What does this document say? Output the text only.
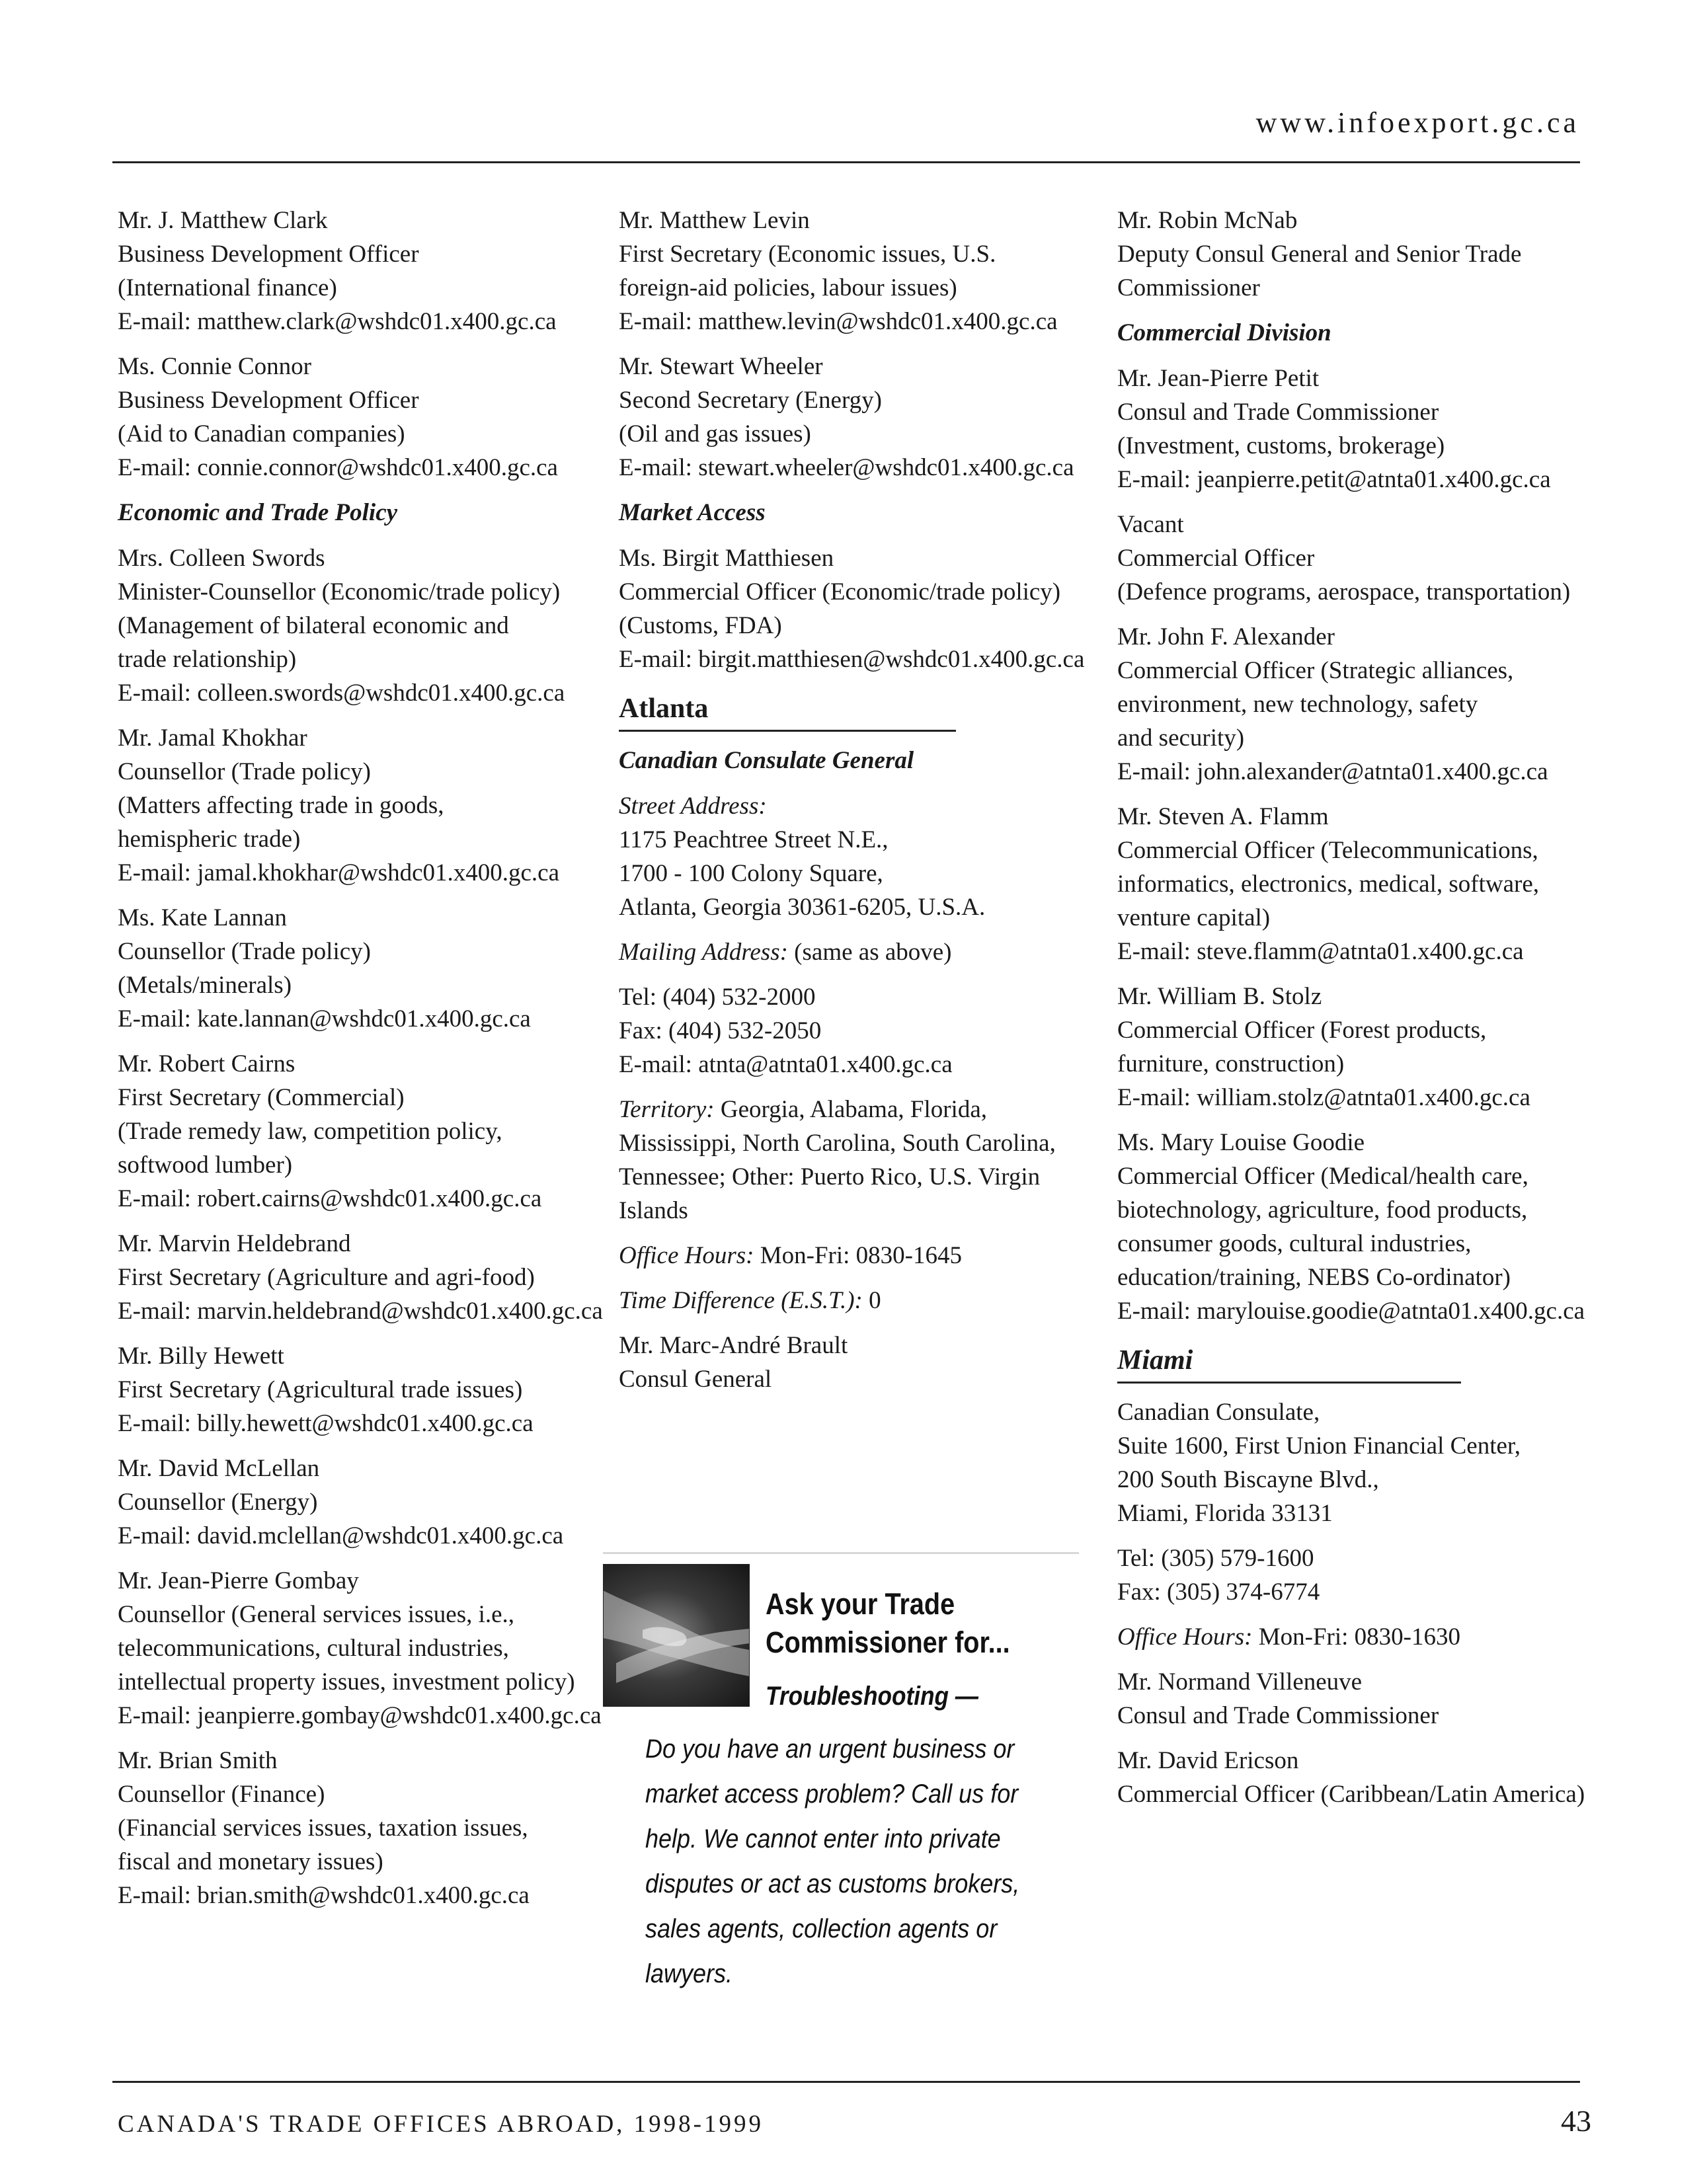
www.infoexport.gc.ca
Mr. J. Matthew Clark
Business Development Officer
(International finance)
E-mail: matthew.clark@wshdc01.x400.gc.ca
Ms. Connie Connor
Business Development Officer
(Aid to Canadian companies)
E-mail: connie.connor@wshdc01.x400.gc.ca
Economic and Trade Policy
Mrs. Colleen Swords
Minister-Counsellor (Economic/trade policy)
(Management of bilateral economic and
trade relationship)
E-mail: colleen.swords@wshdc01.x400.gc.ca
Mr. Jamal Khokhar
Counsellor (Trade policy)
(Matters affecting trade in goods,
hemispheric trade)
E-mail: jamal.khokhar@wshdc01.x400.gc.ca
Ms. Kate Lannan
Counsellor (Trade policy)
(Metals/minerals)
E-mail: kate.lannan@wshdc01.x400.gc.ca
Mr. Robert Cairns
First Secretary (Commercial)
(Trade remedy law, competition policy,
softwood lumber)
E-mail: robert.cairns@wshdc01.x400.gc.ca
Mr. Marvin Heldebrand
First Secretary (Agriculture and agri-food)
E-mail: marvin.heldebrand@wshdc01.x400.gc.ca
Mr. Billy Hewett
First Secretary (Agricultural trade issues)
E-mail: billy.hewett@wshdc01.x400.gc.ca
Mr. David McLellan
Counsellor (Energy)
E-mail: david.mclellan@wshdc01.x400.gc.ca
Mr. Jean-Pierre Gombay
Counsellor (General services issues, i.e.,
telecommunications, cultural industries,
intellectual property issues, investment policy)
E-mail: jeanpierre.gombay@wshdc01.x400.gc.ca
Mr. Brian Smith
Counsellor (Finance)
(Financial services issues, taxation issues,
fiscal and monetary issues)
E-mail: brian.smith@wshdc01.x400.gc.ca
Mr. Matthew Levin
First Secretary (Economic issues, U.S.
foreign-aid policies, labour issues)
E-mail: matthew.levin@wshdc01.x400.gc.ca
Mr. Stewart Wheeler
Second Secretary (Energy)
(Oil and gas issues)
E-mail: stewart.wheeler@wshdc01.x400.gc.ca
Market Access
Ms. Birgit Matthiesen
Commercial Officer (Economic/trade policy)
(Customs, FDA)
E-mail: birgit.matthiesen@wshdc01.x400.gc.ca
Atlanta
Canadian Consulate General
Street Address:
1175 Peachtree Street N.E.,
1700 - 100 Colony Square,
Atlanta, Georgia 30361-6205, U.S.A.
Mailing Address: (same as above)
Tel: (404) 532-2000
Fax: (404) 532-2050
E-mail: atnta@atnta01.x400.gc.ca
Territory: Georgia, Alabama, Florida,
Mississippi, North Carolina, South Carolina,
Tennessee; Other: Puerto Rico, U.S. Virgin
Islands
Office Hours: Mon-Fri: 0830-1645
Time Difference (E.S.T.): 0
Mr. Marc-André Brault
Consul General
Ask your Trade
Commissioner for...
Troubleshooting —
Do you have an urgent business or
market access problem? Call us for
help. We cannot enter into private
disputes or act as customs brokers,
sales agents, collection agents or
lawyers.
Mr. Robin McNab
Deputy Consul General and Senior Trade
Commissioner
Commercial Division
Mr. Jean-Pierre Petit
Consul and Trade Commissioner
(Investment, customs, brokerage)
E-mail: jeanpierre.petit@atnta01.x400.gc.ca
Vacant
Commercial Officer
(Defence programs, aerospace, transportation)
Mr. John F. Alexander
Commercial Officer (Strategic alliances,
environment, new technology, safety
and security)
E-mail: john.alexander@atnta01.x400.gc.ca
Mr. Steven A. Flamm
Commercial Officer (Telecommunications,
informatics, electronics, medical, software,
venture capital)
E-mail: steve.flamm@atnta01.x400.gc.ca
Mr. William B. Stolz
Commercial Officer (Forest products,
furniture, construction)
E-mail: william.stolz@atnta01.x400.gc.ca
Ms. Mary Louise Goodie
Commercial Officer (Medical/health care,
biotechnology, agriculture, food products,
consumer goods, cultural industries,
education/training, NEBS Co-ordinator)
E-mail: marylouise.goodie@atnta01.x400.gc.ca
Miami
Canadian Consulate,
Suite 1600, First Union Financial Center,
200 South Biscayne Blvd.,
Miami, Florida 33131
Tel: (305) 579-1600
Fax: (305) 374-6774
Office Hours: Mon-Fri: 0830-1630
Mr. Normand Villeneuve
Consul and Trade Commissioner
Mr. David Ericson
Commercial Officer (Caribbean/Latin America)
CANADA'S TRADE OFFICES ABROAD, 1998-1999	43
